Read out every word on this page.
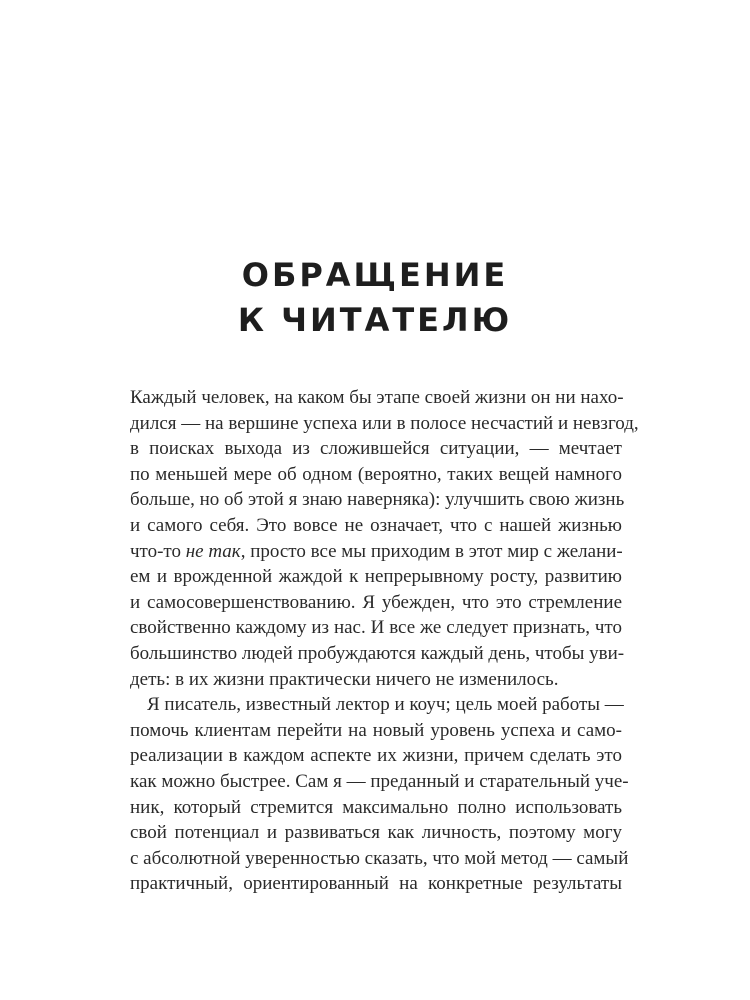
ОБРАЩЕНИЕ
К ЧИТАТЕЛЮ
Каждый человек, на каком бы этапе своей жизни он ни нахо-
дился — на вершине успеха или в полосе несчастий и невзгод,
в поисках выхода из сложившейся ситуации, — мечтает
по меньшей мере об одном (вероятно, таких вещей намного
больше, но об этой я знаю наверняка): улучшить свою жизнь
и самого себя. Это вовсе не означает, что с нашей жизнью
что-то не так, просто все мы приходим в этот мир с желани-
ем и врожденной жаждой к непрерывному росту, развитию
и самосовершенствованию. Я убежден, что это стремление
свойственно каждому из нас. И все же следует признать, что
большинство людей пробуждаются каждый день, чтобы уви-
деть: в их жизни практически ничего не изменилось.
Я писатель, известный лектор и коуч; цель моей работы —
помочь клиентам перейти на новый уровень успеха и само-
реализации в каждом аспекте их жизни, причем сделать это
как можно быстрее. Сам я — преданный и старательный уче-
ник, который стремится максимально полно использовать
свой потенциал и развиваться как личность, поэтому могу
с абсолютной уверенностью сказать, что мой метод — самый
практичный, ориентированный на конкретные результаты
